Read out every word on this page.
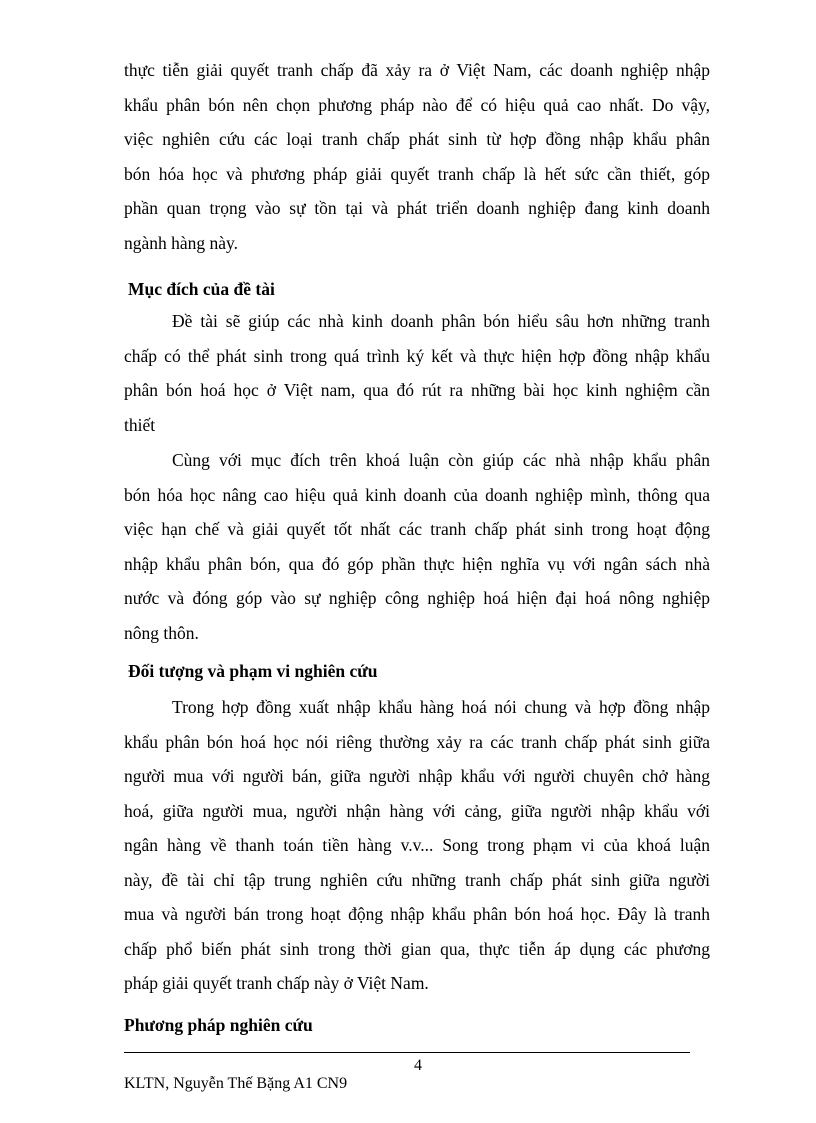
thực tiễn giải quyết tranh chấp đã xảy ra ở Việt Nam, các doanh nghiệp nhập
khẩu phân bón nên chọn phương pháp nào để có hiệu quả cao nhất. Do vậy,
việc nghiên cứu các loại tranh chấp phát sinh từ hợp đồng nhập khẩu phân
bón hóa học và phương pháp giải quyết tranh chấp là hết sức cần thiết, góp
phần quan trọng vào sự tồn tại và phát triển doanh nghiệp đang kinh doanh
ngành hàng này.
Mục đích của đề tài
Đề tài sẽ giúp các nhà kinh doanh phân bón hiểu sâu hơn những tranh
chấp có thể phát sinh trong quá trình ký kết và thực hiện hợp đồng nhập khẩu
phân bón hoá học ở Việt nam, qua đó rút ra những bài học kinh nghiệm cần
thiết
Cùng với mục đích trên khoá luận còn giúp các nhà nhập khẩu phân
bón hóa học nâng cao hiệu quả kinh doanh của doanh nghiệp mình, thông qua
việc hạn chế và giải quyết tốt nhất các tranh chấp phát sinh trong hoạt động
nhập khẩu phân bón, qua đó góp phần thực hiện nghĩa vụ với ngân sách nhà
nước và đóng góp vào sự nghiệp công nghiệp hoá hiện đại hoá nông nghiệp
nông thôn.
Đối tượng và phạm vi nghiên cứu
Trong hợp đồng xuất nhập khẩu hàng hoá nói chung và hợp đồng nhập
khẩu phân bón hoá học nói riêng thường xảy ra các tranh chấp phát sinh giữa
người mua với người bán, giữa người nhập khẩu với người chuyên chở hàng
hoá, giữa người mua, người nhận hàng với cảng, giữa người nhập khẩu với
ngân hàng về thanh toán tiền hàng v.v... Song trong phạm vi của khoá luận
này, đề tài chỉ tập trung nghiên cứu những tranh chấp phát sinh giữa người
mua và người bán trong hoạt động nhập khẩu phân bón hoá học. Đây là tranh
chấp phổ biến phát sinh trong thời gian qua, thực tiễn áp dụng các phương
pháp giải quyết tranh chấp này ở Việt Nam.
Phương pháp nghiên cứu
4
KLTN, Nguyễn Thế Bặng A1 CN9
